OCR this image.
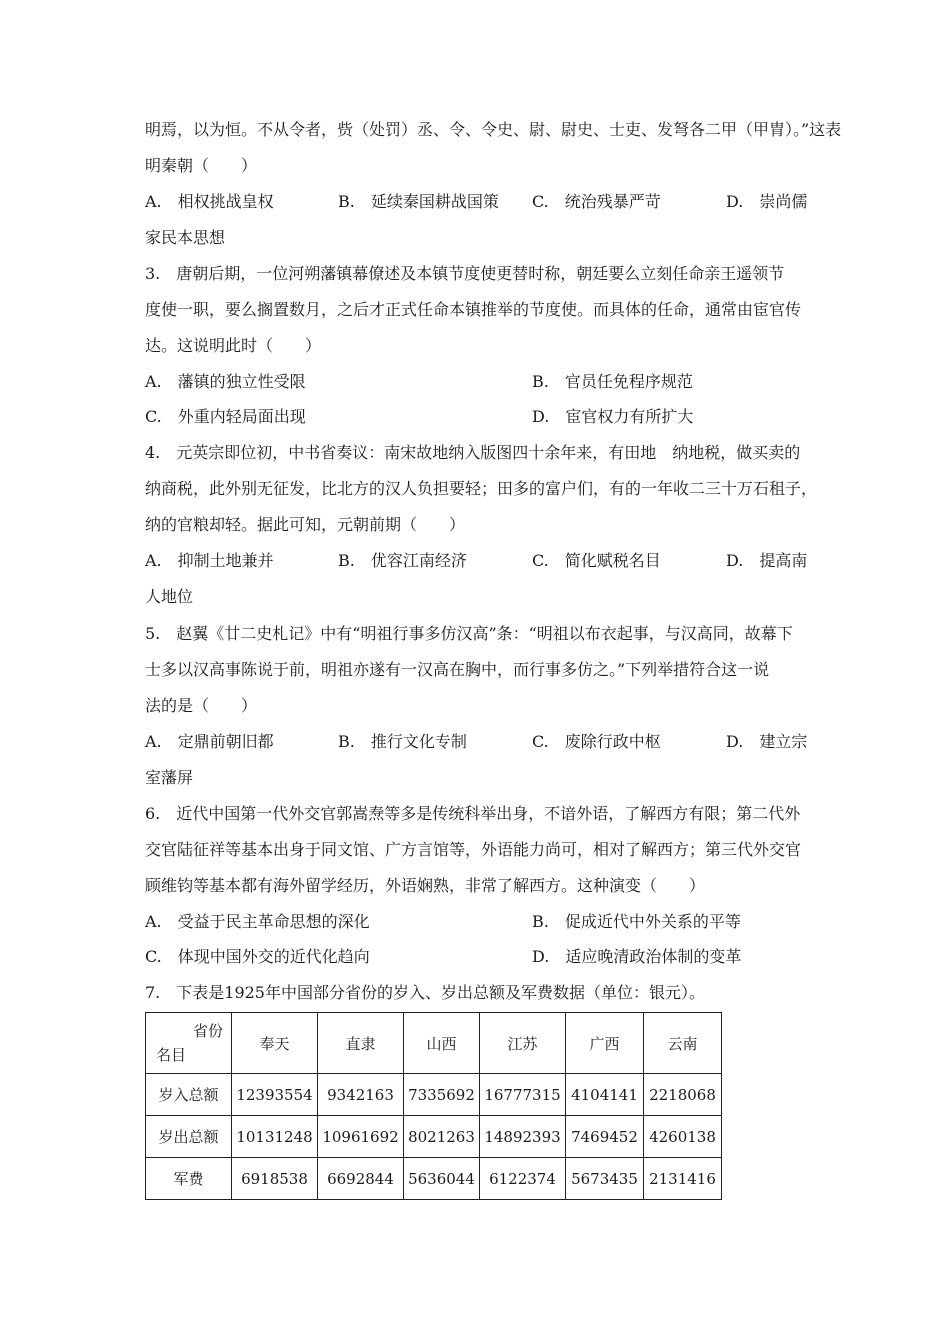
明焉，以为恒。不从令者，赀（处罚）丞、令、令史、尉、尉史、士吏、发弩各二甲（甲胄）。”这表
明秦朝（　　）
A.　相权挑战皇权	B.　延续秦国耕战国策 C.　统治残暴严苛	D.　崇尚儒
家民本思想
3.　唐朝后期，一位河朔藩镇幕僚述及本镇节度使更替时称，朝廷要么立刻任命亲王遥领节
度使一职，要么搁置数月，之后才正式任命本镇推举的节度使。而具体的任命，通常由宦官传
达。这说明此时（　　）
A.　藩镇的独立性受限	B.　官员任免程序规范
C.　外重内轻局面出现	D.　宦官权力有所扩大
4.　元英宗即位初，中书省奏议：南宋故地纳入版图四十余年来，有田地　纳地税，做买卖的
纳商税，此外别无征发，比北方的汉人负担要轻；田多的富户们，有的一年收二三十万石租子，
纳的官粮却轻。据此可知，元朝前期（　　）
A.　抑制土地兼并	B.　优容江南经济	C.　简化赋税名目	D.　提高南
人地位
5.　赵翼《廿二史札记》中有“明祖行事多仿汉高”条：“明祖以布衣起事，与汉高同，故幕下
士多以汉高事陈说于前，明祖亦遂有一汉高在胸中，而行事多仿之。”下列举措符合这一说
法的是（　　）
A.　定鼎前朝旧都	B.　推行文化专制	C.　废除行政中枢	D.　建立宗
室藩屏
6.　近代中国第一代外交官郭嵩焘等多是传统科举出身，不谙外语，了解西方有限；第二代外
交官陆征祥等基本出身于同文馆、广方言馆等，外语能力尚可，相对了解西方；第三代外交官
顾维钧等基本都有海外留学经历，外语娴熟，非常了解西方。这种演变（　　）
A.　受益于民主革命思想的深化	B.　促成近代中外关系的平等
C.　体现中国外交的近代化趋向	D.　适应晚清政治体制的变革
7.　下表是1925年中国部分省份的岁入、岁出总额及军费数据（单位：银元）。
省份
名目	奉天	直隶	山西	江苏	广西	云南
岁入总额	12393554	9342163	7335692	16777315	4104141	2218068
岁出总额	10131248	10961692	8021263	14892393	7469452	4260138
军费	6918538	6692844	5636044	6122374	5673435	2131416
